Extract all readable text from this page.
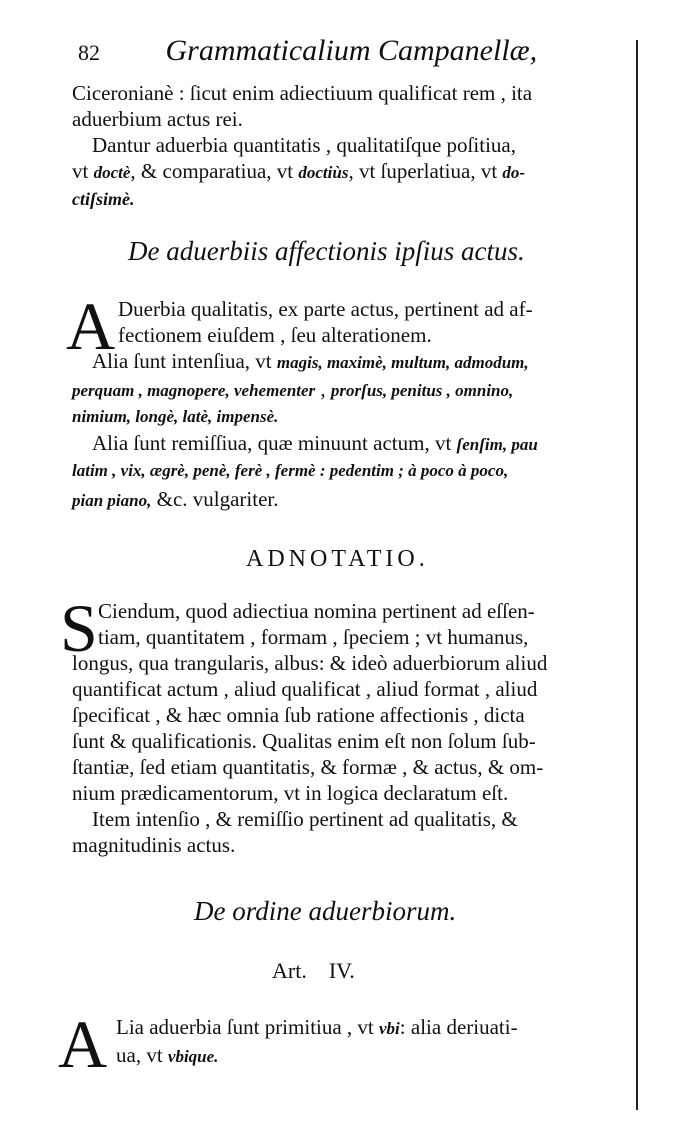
82 Grammaticalium Campanellæ,
Ciceronianè : ſicut enim adiectiuum qualificat rem , ita
aduerbium actus rei.
Dantur aduerbia quantitatis , qualitatiſque poſitiua,
vt doctè, & comparatiua, vt doctiùs, vt ſuperlatiua, vt do-
ctiſsimè.
De aduerbiis affectionis ipſius actus.
A Duerbia qualitatis, ex parte actus, pertinent ad af-
fectionem eiuſdem , ſeu alterationem.
Alia ſunt intenſiua, vt magis, maximè, multum, admodum,
perquam , magnopere, vehementer , prorſus, penitus , omnino,
nimium, longè, latè, impensè.
Alia ſunt remiſſiua, quæ minuunt actum, vt ſenſim, pau
latim , vix, ægrè, penè, ferè , fermè : pedentim ; à poco à poco,
pian piano, &c. vulgariter.
ADNOTATIO.
S Ciendum, quod adiectiua nomina pertinent ad eſſen-
tiam, quantitatem , formam , ſpeciem ; vt humanus,
longus, qua trangularis, albus: & ideò aduerbiorum aliud
quantificat actum , aliud qualificat , aliud format , aliud
ſpecificat , & hæc omnia ſub ratione affectionis , dicta
ſunt & qualificationis. Qualitas enim eſt non ſolum ſub-
ſtantiæ, ſed etiam quantitatis, & formæ , & actus, & om-
nium prædicamentorum, vt in logica declaratum eſt.
Item intenſio , & remiſſio pertinent ad qualitatis, &
magnitudinis actus.
De ordine aduerbiorum.
Art.    IV.
A Lia aduerbia ſunt primitiua , vt vbi: alia deriuati-
ua, vt vbique.
